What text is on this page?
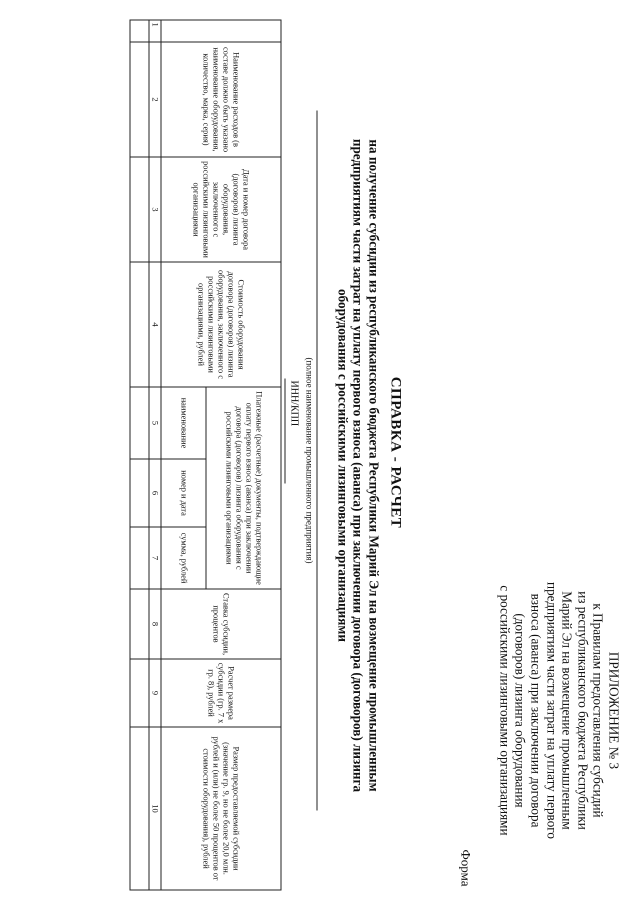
ПРИЛОЖЕНИЕ № 3
к Правилам предоставления субсидий
из республиканского бюджета Республики
Марий Эл на возмещение промышленным
предприятиям части затрат на уплату первого
взноса (аванса) при заключении договора
(договоров) лизинга оборудования
с российскими лизинговыми организациями
Форма
СПРАВКА - РАСЧЕТ
на получение субсидии из республиканского бюджета Республики Марий Эл на возмещение промышленным
предприятиям части затрат на уплату первого взноса (аванса) при заключении договора (договоров) лизинга
оборудования с российскими лизинговыми организациями
(полное наименование промышленного предприятия)
ИНН/КПП
	Наименование расходов (в составе должно быть указано наименование оборудования, количество, марка, серия)	Дата и номер договора (договоров) лизинга оборудования, заключенного с российскими лизинговыми организациями	Стоимость оборудования договора (договоров) лизинга оборудования, заключенного с российскими лизинговыми организациями, рублей	Платежные (расчетные) документы, подтверждающие оплату первого взноса (аванса) при заключении договора (договоров) лизинга оборудования с российскими лизинговыми организациями			Ставка субсидии, процентов	Расчет размера субсидии (гр. 7 x гр. 8), рублей	Размер предоставляемой субсидии (значение гр. 9, но не более 20,0 млн. рублей и (или) не более 50 процентов от стоимости оборудования), рублей
				наименование	номер и дата	сумма, рублей			
1	2	3	4	5	6	7	8	9	10
